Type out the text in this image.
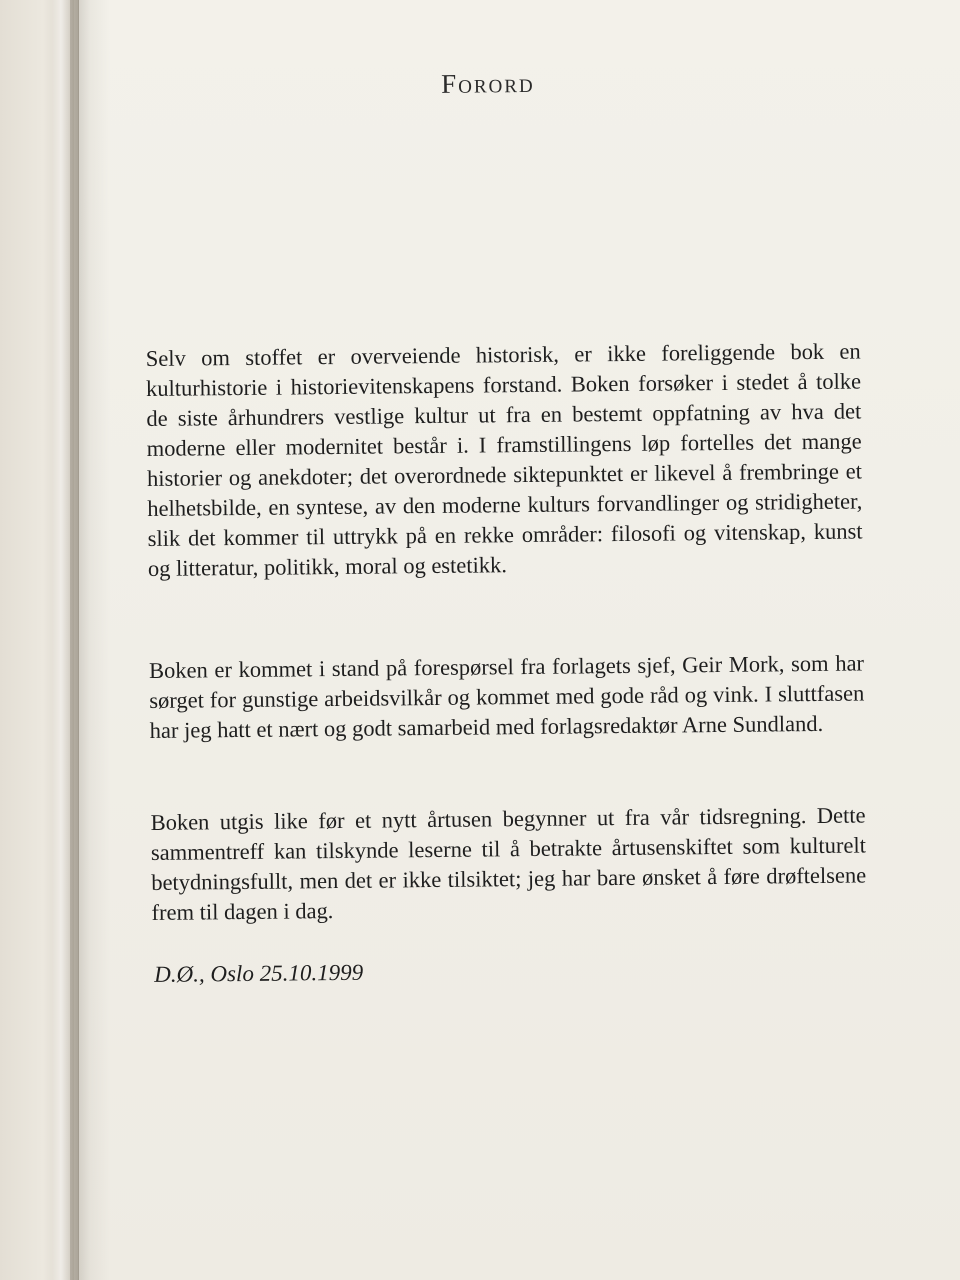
Forord

Selv om stoffet er overveiende historisk, er ikke foreliggende bok en kulturhistorie i historievitenskapens forstand. Boken forsøker i stedet å tolke de siste århundrers vestlige kultur ut fra en bestemt oppfatning av hva det moderne eller modernitet består i. I framstillingens løp fortelles det mange historier og anekdoter; det overordnede siktepunktet er likevel å frembringe et helhetsbilde, en syntese, av den moderne kulturs forvandlinger og stridigheter, slik det kommer til uttrykk på en rekke områder: filosofi og vitenskap, kunst og litteratur, politikk, moral og estetikk.

Boken er kommet i stand på forespørsel fra forlagets sjef, Geir Mork, som har sørget for gunstige arbeidsvilkår og kommet med gode råd og vink. I sluttfasen har jeg hatt et nært og godt samarbeid med forlagsredaktør Arne Sundland.

Boken utgis like før et nytt årtusen begynner ut fra vår tidsregning. Dette sammentreff kan tilskynde leserne til å betrakte årtusenskiftet som kulturelt betydningsfullt, men det er ikke tilsiktet; jeg har bare ønsket å føre drøftelsene frem til dagen i dag.

D.Ø., Oslo 25.10.1999
